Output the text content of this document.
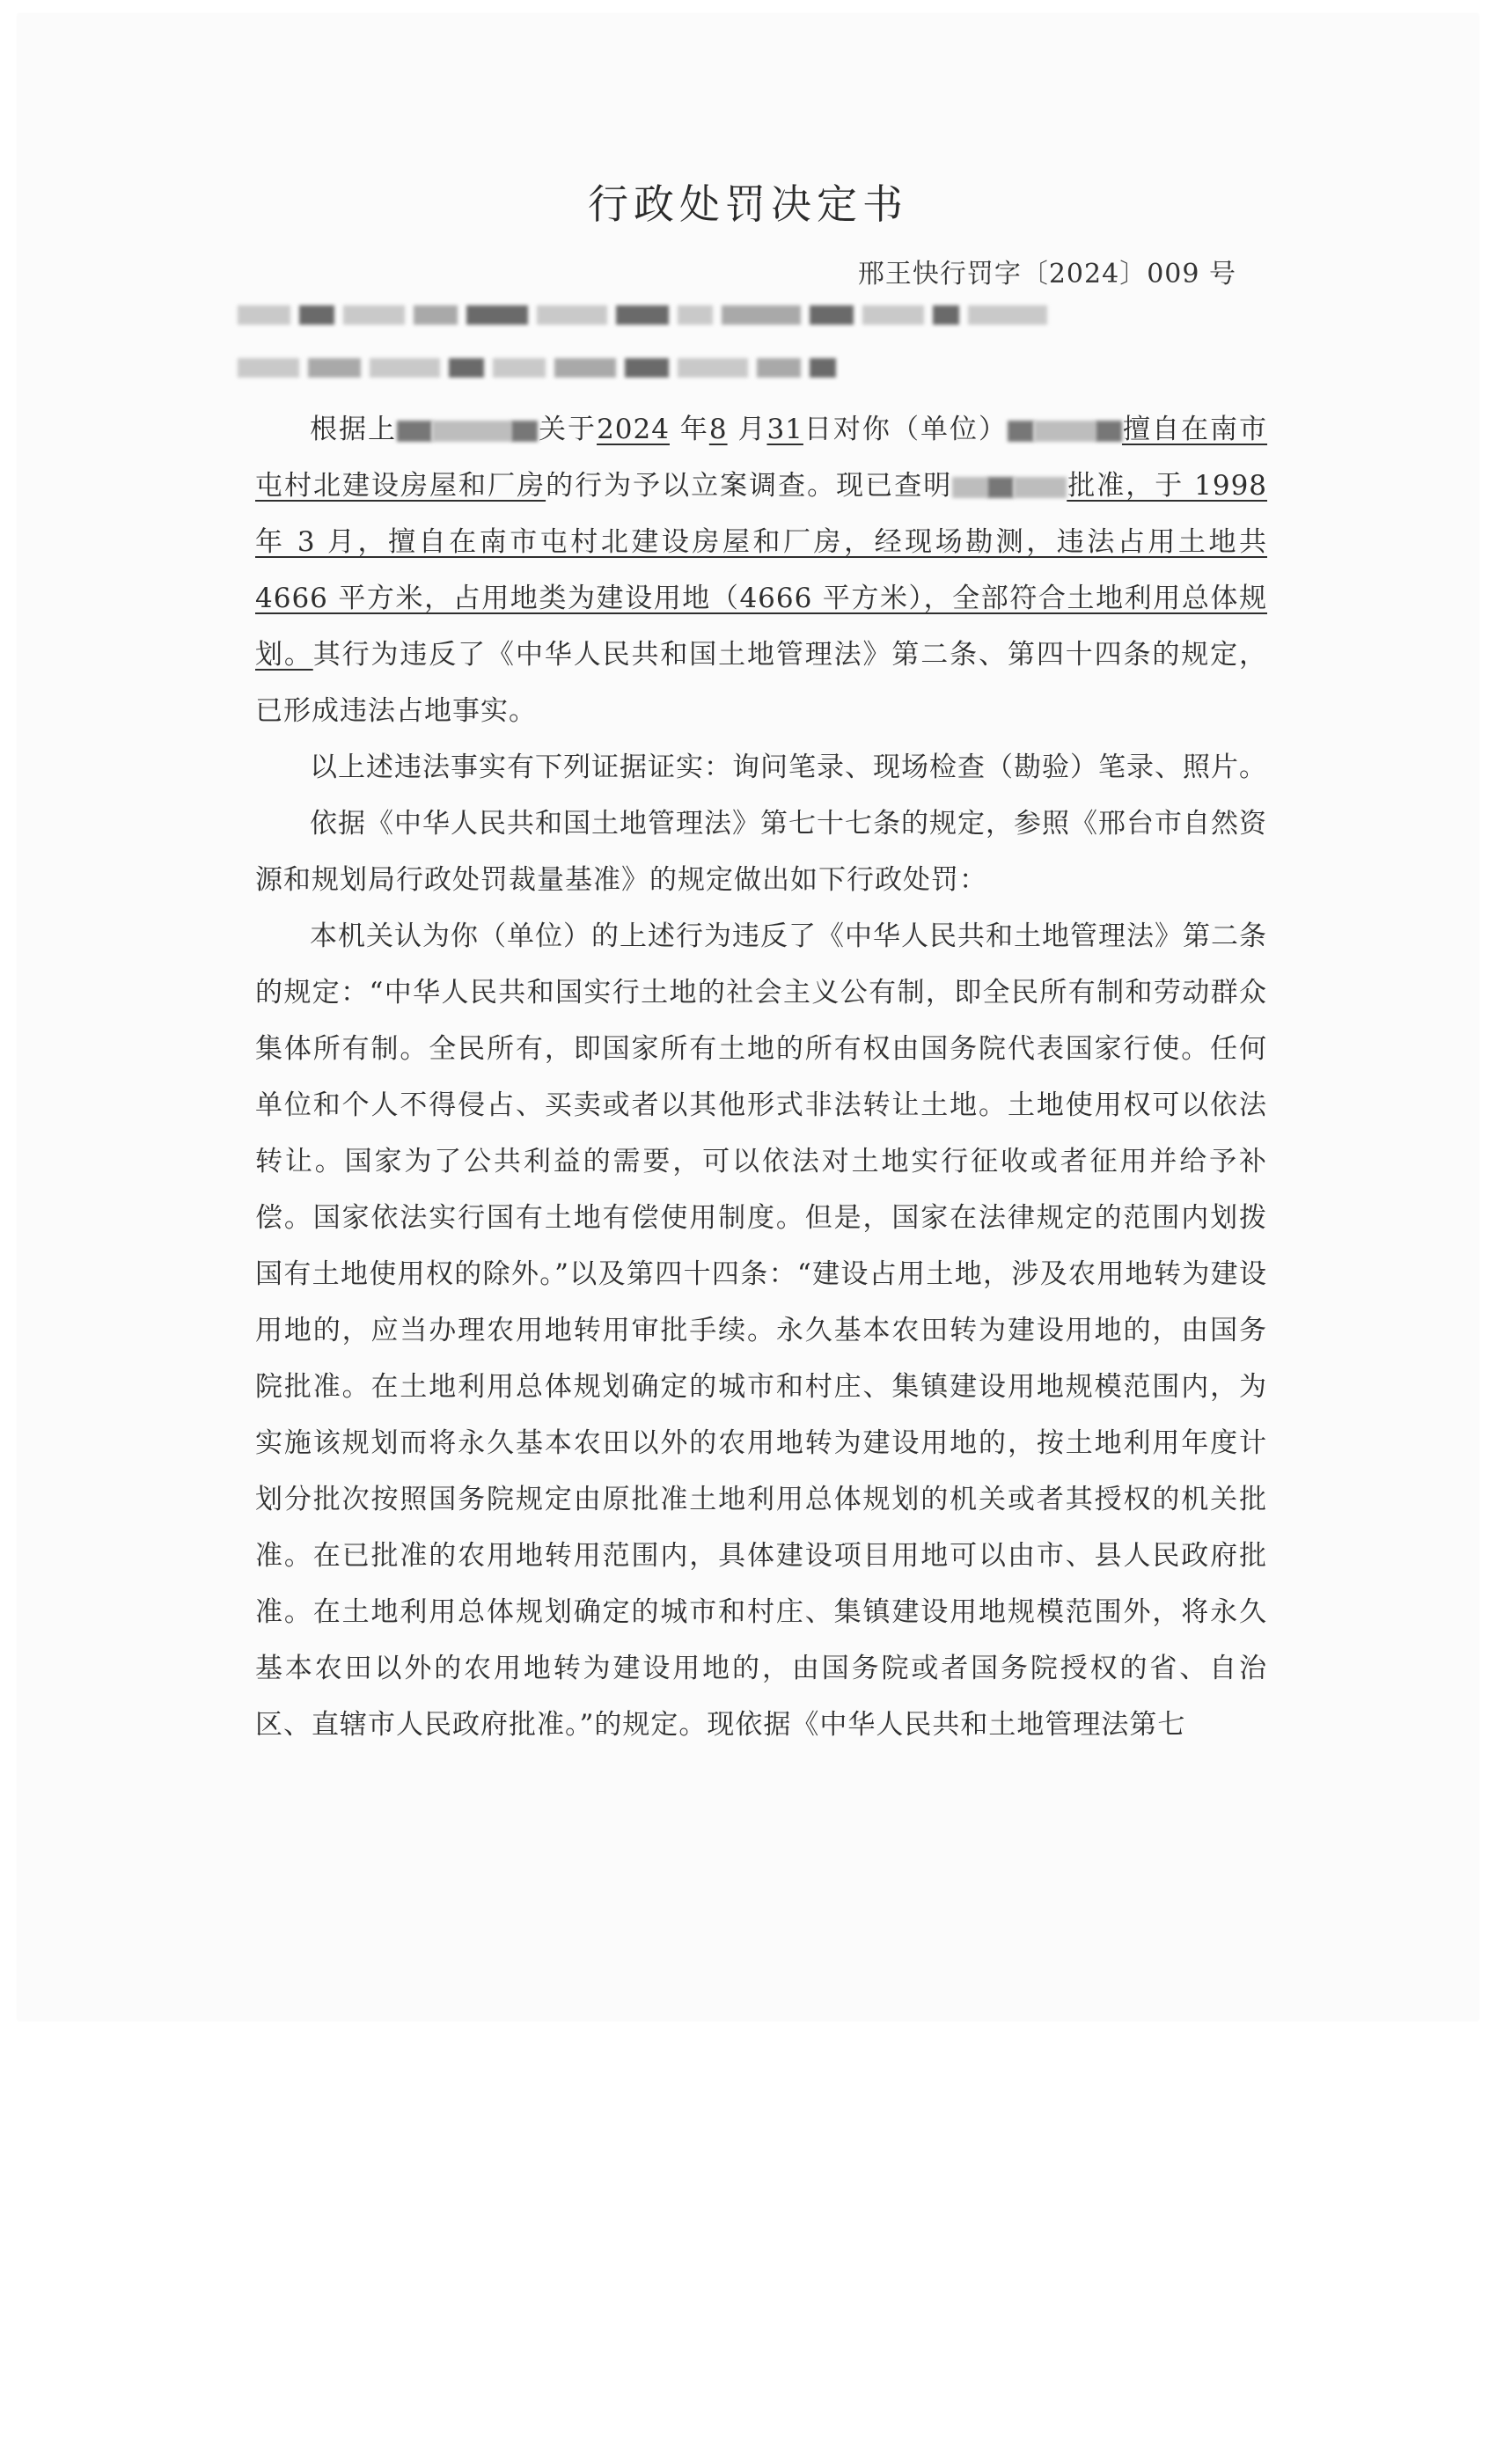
行政处罚决定书
邢王快行罚字〔2024〕009 号

根据上	关于2024 年8 月31日对你（单位）	擅自在南市屯村北建设房屋和厂房的行为予以立案调查。现已查明	批准，于 1998 年 3 月，擅自在南市屯村北建设房屋和厂房，经现场勘测，违法占用土地共 4666 平方米，占用地类为建设用地（4666 平方米），全部符合土地利用总体规划。其行为违反了《中华人民共和国土地管理法》第二条、第四十四条的规定，已形成违法占地事实。

以上述违法事实有下列证据证实：询问笔录、现场检查（勘验）笔录、照片。

依据《中华人民共和国土地管理法》第七十七条的规定，参照《邢台市自然资源和规划局行政处罚裁量基准》的规定做出如下行政处罚：

本机关认为你（单位）的上述行为违反了《中华人民共和土地管理法》第二条的规定：“中华人民共和国实行土地的社会主义公有制，即全民所有制和劳动群众集体所有制。全民所有，即国家所有土地的所有权由国务院代表国家行使。任何单位和个人不得侵占、买卖或者以其他形式非法转让土地。土地使用权可以依法转让。国家为了公共利益的需要，可以依法对土地实行征收或者征用并给予补偿。国家依法实行国有土地有偿使用制度。但是，国家在法律规定的范围内划拨国有土地使用权的除外。”以及第四十四条：“建设占用土地，涉及农用地转为建设用地的，应当办理农用地转用审批手续。永久基本农田转为建设用地的，由国务院批准。在土地利用总体规划确定的城市和村庄、集镇建设用地规模范围内，为实施该规划而将永久基本农田以外的农用地转为建设用地的，按土地利用年度计划分批次按照国务院规定由原批准土地利用总体规划的机关或者其授权的机关批准。在已批准的农用地转用范围内，具体建设项目用地可以由市、县人民政府批准。在土地利用总体规划确定的城市和村庄、集镇建设用地规模范围外，将永久基本农田以外的农用地转为建设用地的，由国务院或者国务院授权的省、自治区、直辖市人民政府批准。”的规定。现依据《中华人民共和土地管理法第七
